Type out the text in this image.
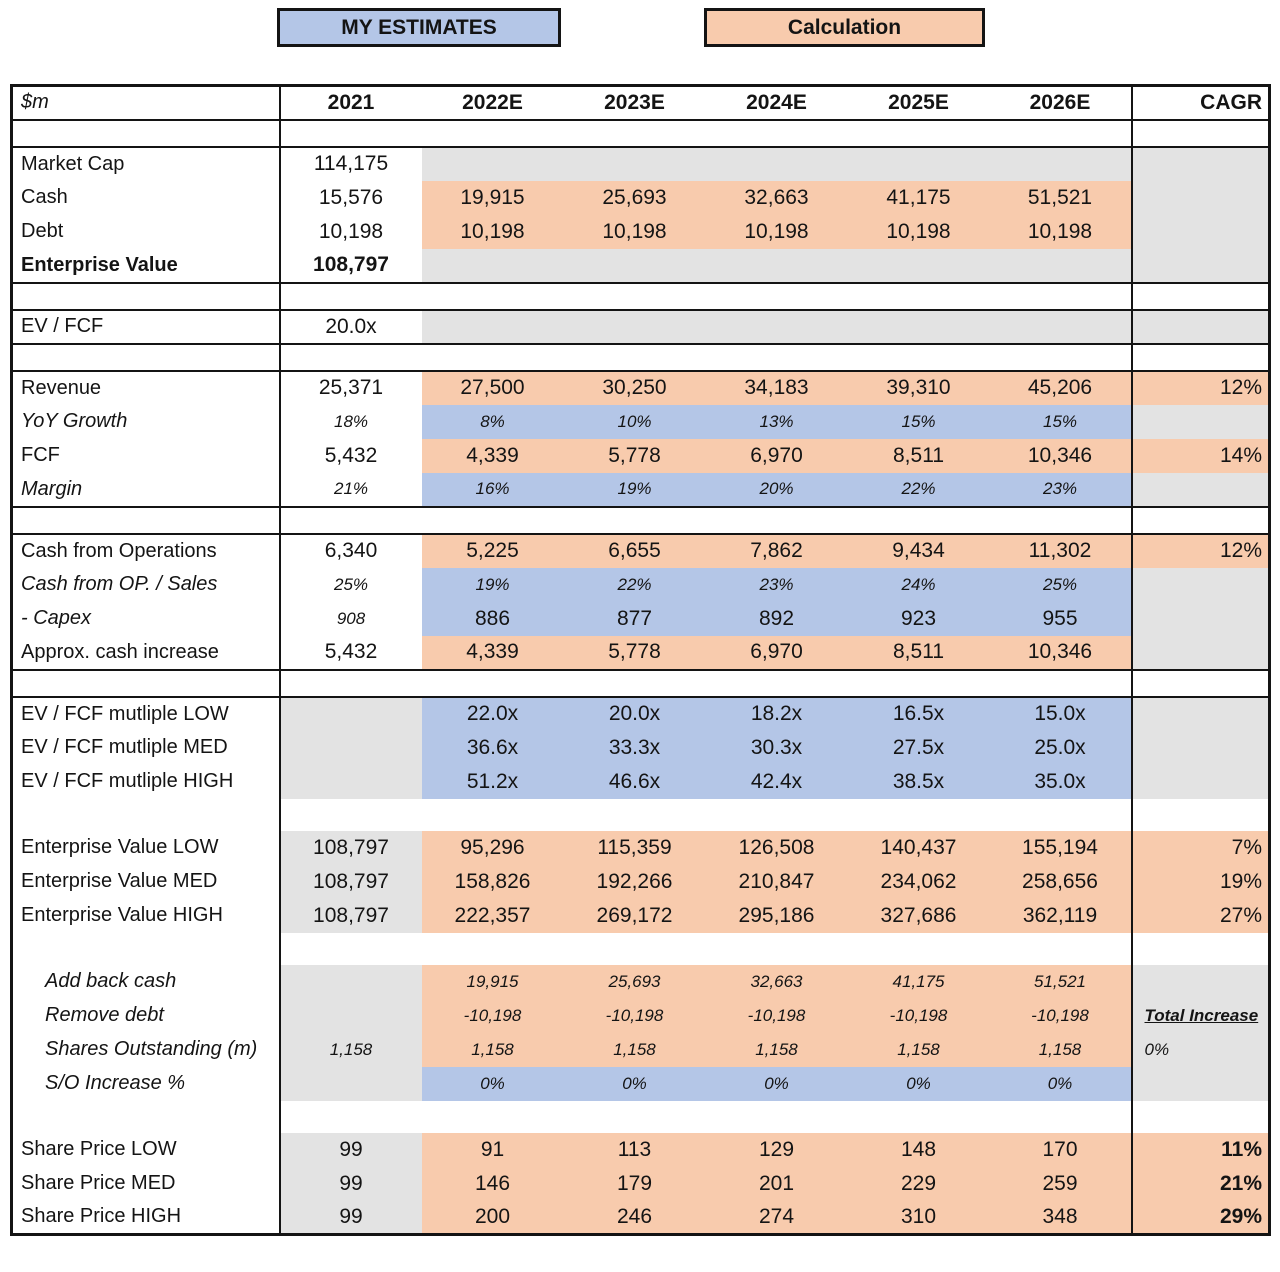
MY ESTIMATES	Calculation
$m	2021	2022E	2023E	2024E	2025E	2026E	CAGR

Market Cap	114,175						
Cash	15,576	19,915	25,693	32,663	41,175	51,521	
Debt	10,198	10,198	10,198	10,198	10,198	10,198	
Enterprise Value	108,797						

EV / FCF	20.0x						

Revenue	25,371	27,500	30,250	34,183	39,310	45,206	12%
YoY Growth	18%	8%	10%	13%	15%	15%	
FCF	5,432	4,339	5,778	6,970	8,511	10,346	14%
Margin	21%	16%	19%	20%	22%	23%	

Cash from Operations	6,340	5,225	6,655	7,862	9,434	11,302	12%
Cash from OP. / Sales	25%	19%	22%	23%	24%	25%	
- Capex	908	886	877	892	923	955	
Approx. cash increase	5,432	4,339	5,778	6,970	8,511	10,346	

EV / FCF mutliple LOW		22.0x	20.0x	18.2x	16.5x	15.0x	
EV / FCF mutliple MED		36.6x	33.3x	30.3x	27.5x	25.0x	
EV / FCF mutliple HIGH		51.2x	46.6x	42.4x	38.5x	35.0x	

Enterprise Value LOW	108,797	95,296	115,359	126,508	140,437	155,194	7%
Enterprise Value MED	108,797	158,826	192,266	210,847	234,062	258,656	19%
Enterprise Value HIGH	108,797	222,357	269,172	295,186	327,686	362,119	27%

Add back cash		19,915	25,693	32,663	41,175	51,521	
Remove debt		-10,198	-10,198	-10,198	-10,198	-10,198	Total Increase
Shares Outstanding (m)	1,158	1,158	1,158	1,158	1,158	1,158	0%
S/O Increase %		0%	0%	0%	0%	0%	

Share Price LOW	99	91	113	129	148	170	11%
Share Price MED	99	146	179	201	229	259	21%
Share Price HIGH	99	200	246	274	310	348	29%
